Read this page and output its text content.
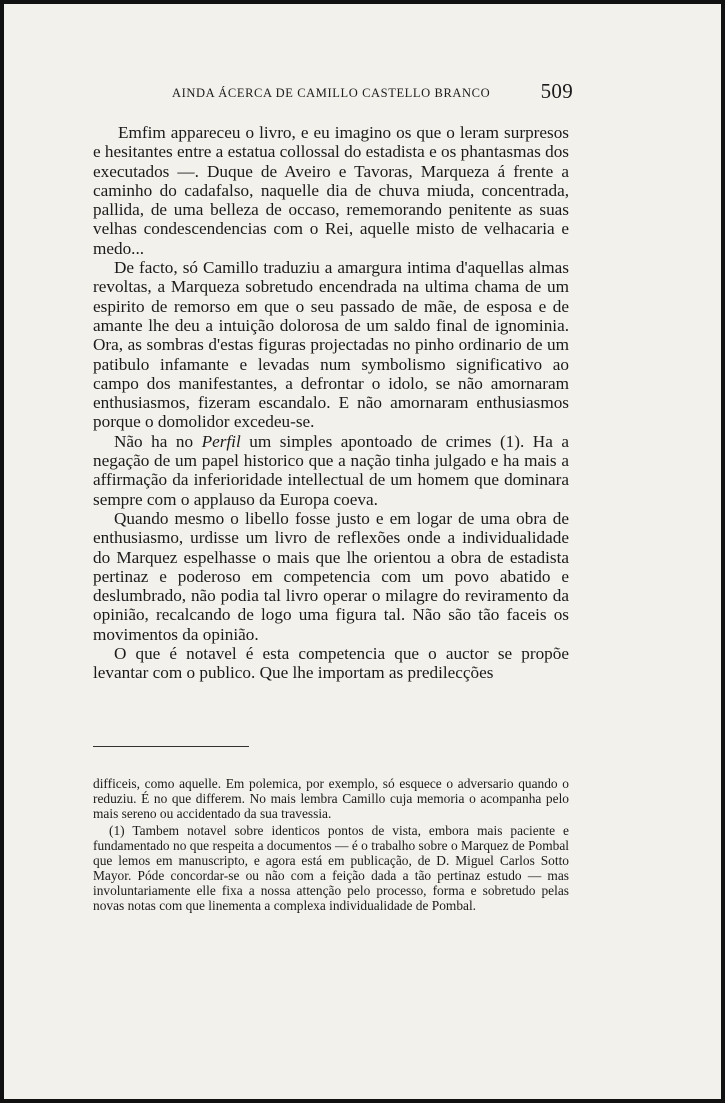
AINDA ÁCERCA DE CAMILLO CASTELLO BRANCO	509

Emfim appareceu o livro, e eu imagino os que o leram surpresos e hesitantes entre a estatua collossal do estadista e os phantasmas dos executados —. Duque de Aveiro e Tavoras, Marqueza á frente a caminho do cadafalso, naquelle dia de chuva miuda, concentrada, pallida, de uma belleza de occaso, rememorando penitente as suas velhas condescendencias com o Rei, aquelle misto de velhacaria e medo...

De facto, só Camillo traduziu a amargura intima d'aquellas almas revoltas, a Marqueza sobretudo encendrada na ultima chama de um espirito de remorso em que o seu passado de mãe, de esposa e de amante lhe deu a intuição dolorosa de um saldo final de ignominia. Ora, as sombras d'estas figuras projectadas no pinho ordinario de um patibulo infamante e levadas num symbolismo significativo ao campo dos manifestantes, a defrontar o idolo, se não amornaram enthusiasmos, fizeram escandalo. E não amornaram enthusiasmos porque o domolidor excedeu-se.

Não ha no Perfil um simples apontoado de crimes (1). Ha a negação de um papel historico que a nação tinha julgado e ha mais a affirmação da inferioridade intellectual de um homem que dominara sempre com o applauso da Europa coeva.

Quando mesmo o libello fosse justo e em logar de uma obra de enthusiasmo, urdisse um livro de reflexões onde a individualidade do Marquez espelhasse o mais que lhe orientou a obra de estadista pertinaz e poderoso em competencia com um povo abatido e deslumbrado, não podia tal livro operar o milagre do reviramento da opinião, recalcando de logo uma figura tal. Não são tão faceis os movimentos da opinião.

O que é notavel é esta competencia que o auctor se propõe levantar com o publico. Que lhe importam as predilecções

difficeis, como aquelle. Em polemica, por exemplo, só esquece o adversario quando o reduziu. É no que differem. No mais lembra Camillo cuja memoria o acompanha pelo mais sereno ou accidentado da sua travessia.

(1) Tambem notavel sobre identicos pontos de vista, embora mais paciente e fundamentado no que respeita a documentos — é o trabalho sobre o Marquez de Pombal que lemos em manuscripto, e agora está em publicação, de D. Miguel Carlos Sotto Mayor. Póde concordar-se ou não com a feição dada a tão pertinaz estudo — mas involuntariamente elle fixa a nossa attenção pelo processo, forma e sobretudo pelas novas notas com que linementa a complexa individualidade de Pombal.
